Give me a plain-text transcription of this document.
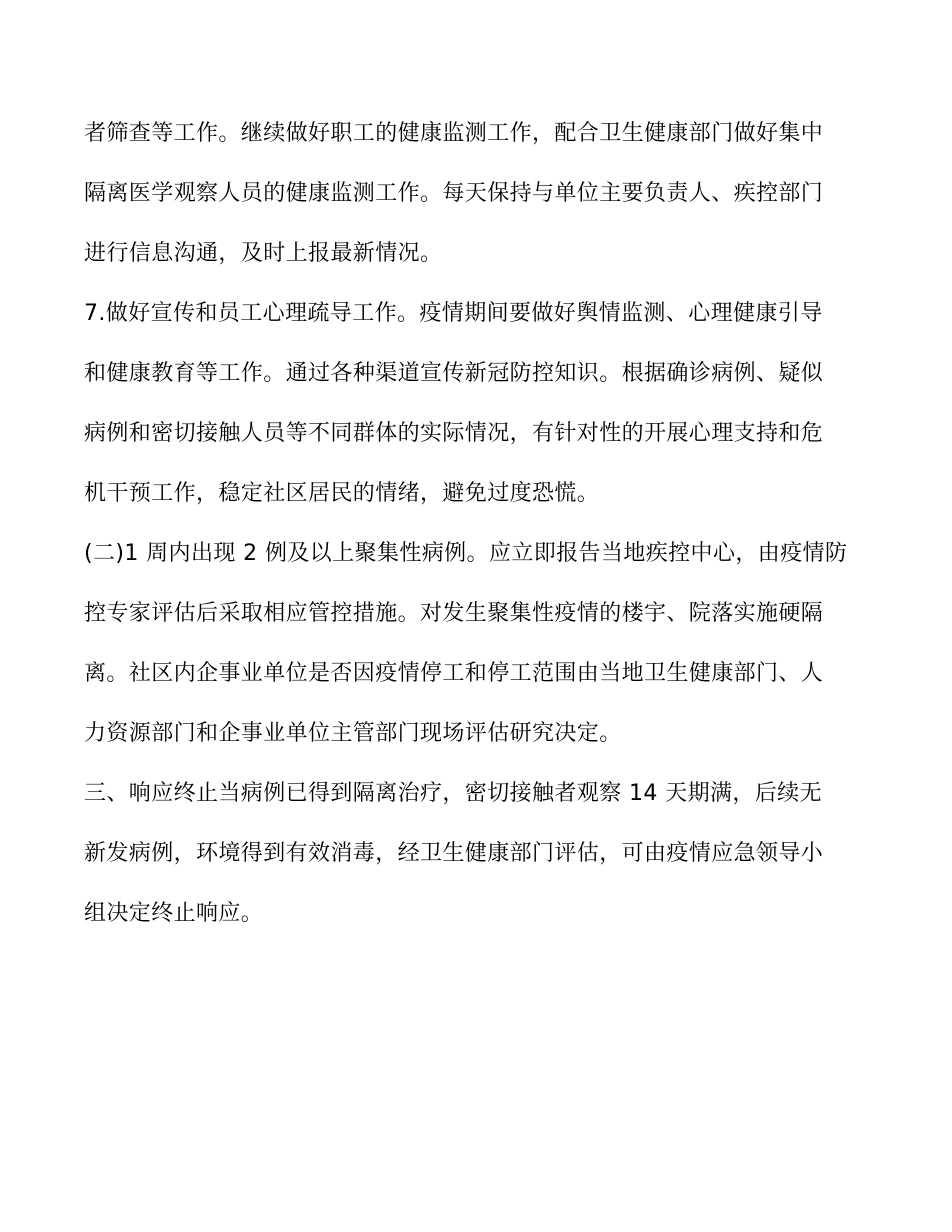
者筛查等工作。继续做好职工的健康监测工作，配合卫生健康部门做好集中
隔离医学观察人员的健康监测工作。每天保持与单位主要负责人、疾控部门
进行信息沟通，及时上报最新情况。
7.做好宣传和员工心理疏导工作。疫情期间要做好舆情监测、心理健康引导
和健康教育等工作。通过各种渠道宣传新冠防控知识。根据确诊病例、疑似
病例和密切接触人员等不同群体的实际情况，有针对性的开展心理支持和危
机干预工作，稳定社区居民的情绪，避免过度恐慌。
(二)1 周内出现 2 例及以上聚集性病例。应立即报告当地疾控中心，由疫情防
控专家评估后采取相应管控措施。对发生聚集性疫情的楼宇、院落实施硬隔
离。社区内企事业单位是否因疫情停工和停工范围由当地卫生健康部门、人
力资源部门和企事业单位主管部门现场评估研究决定。
三、响应终止当病例已得到隔离治疗，密切接触者观察 14 天期满，后续无
新发病例，环境得到有效消毒，经卫生健康部门评估，可由疫情应急领导小
组决定终止响应。
